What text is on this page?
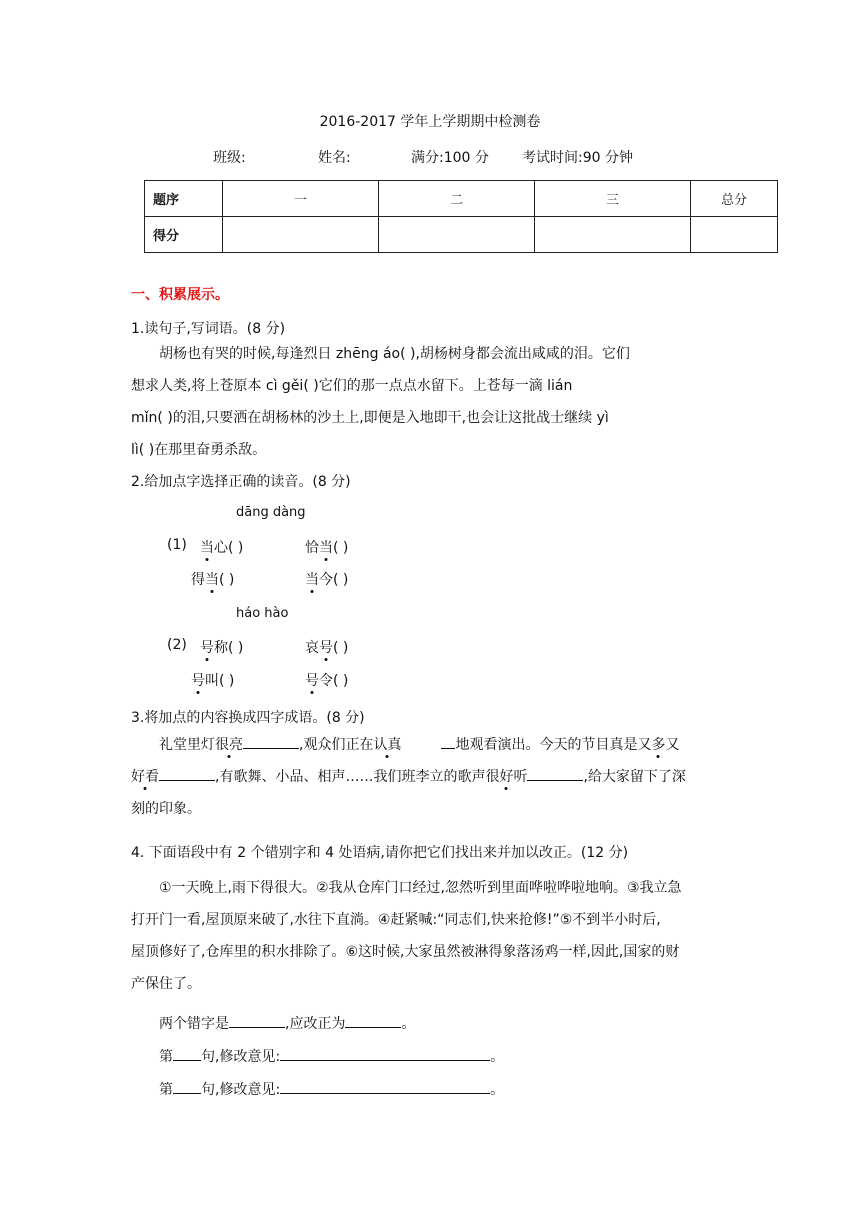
2016-2017 学年上学期期中检测卷
班级:	姓名:	满分:100 分 考试时间:90 分钟
题序	一	二	三	总分
得分				
一、积累展示。
1.读句子,写词语。(8 分)
胡杨也有哭的时候,每逢烈日 zhēng áo( ),胡杨树身都会流出咸咸的泪。它们
想求人类,将上苍原本 cì gěi( )它们的那一点点水留下。上苍每一滴 lián
mǐn( )的泪,只要洒在胡杨林的沙土上,即便是入地即干,也会让这批战士继续 yì
lì( )在那里奋勇杀敌。
2.给加点字选择正确的读音。(8 分)
dāng dàng
(1) 当心( )	恰当( )
得当( )	当今( )
háo hào
(2) 号称( )	哀号( )
号叫( )	号令( )
3.将加点的内容换成四字成语。(8 分)
礼堂里灯很亮	,观众们正在认真	地观看演出。今天的节目真是又多又
好看	,有歌舞、小品、相声……我们班李立的歌声很好听	,给大家留下了深
刻的印象。
4. 下面语段中有 2 个错别字和 4 处语病,请你把它们找出来并加以改正。(12 分)
①一天晚上,雨下得很大。②我从仓库门口经过,忽然听到里面哗啦哗啦地响。③我立急
打开门一看,屋顶原来破了,水往下直淌。④赶紧喊:“同志们,快来抢修!”⑤不到半小时后,
屋顶修好了,仓库里的积水排除了。⑥这时候,大家虽然被淋得象落汤鸡一样,因此,国家的财
产保住了。
两个错字是	,应改正为	。
第 句,修改意见:	。
第 句,修改意见:	。
